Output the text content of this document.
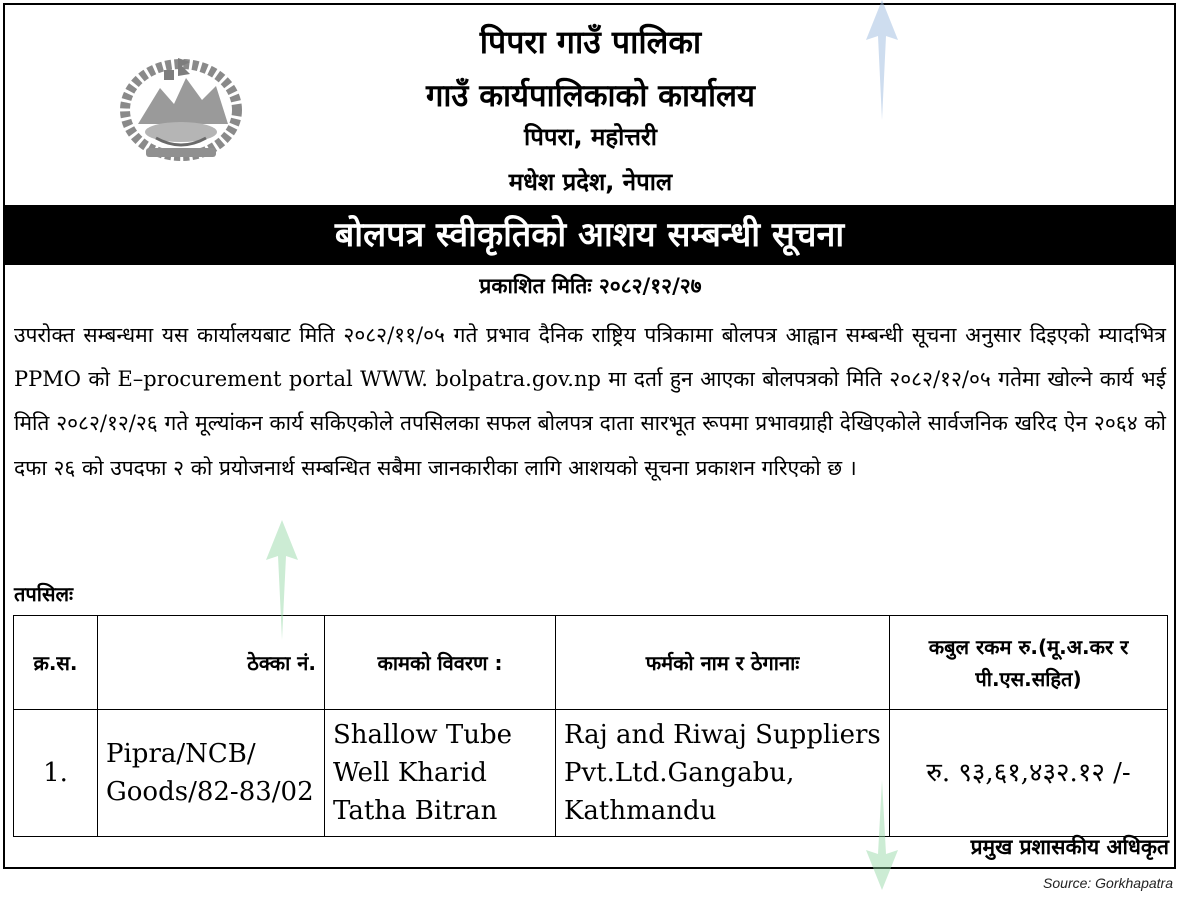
पिपरा गाउँ पालिका
गाउँ कार्यपालिकाको कार्यालय
पिपरा, महोत्तरी
मधेश प्रदेश, नेपाल
बोलपत्र स्वीकृतिको आशय सम्बन्धी सूचना
प्रकाशित मितिः २०८२/१२/२७
उपरोक्त सम्बन्धमा यस कार्यालयबाट मिति २०८२/११/०५ गते प्रभाव दैनिक राष्ट्रिय पत्रिकामा बोलपत्र आह्वान सम्बन्धी सूचना अनुसार दिइएको म्यादभित्र PPMO को E–procurement portal WWW. bolpatra.gov.np मा दर्ता हुन आएका बोलपत्रको मिति २०८२/१२/०५ गतेमा खोल्ने कार्य भई मिति २०८२/१२/२६ गते मूल्यांकन कार्य सकिएकोले तपसिलका सफल बोलपत्र दाता सारभूत रूपमा प्रभावग्राही देखिएकोले सार्वजनिक खरिद ऐन २०६४ को दफा २६ को उपदफा २ को प्रयोजनार्थ सम्बन्धित सबैमा जानकारीका लागि आशयको सूचना प्रकाशन गरिएको छ ।
तपसिलः
क्र.स.	ठेक्का नं.	कामको विवरण :	फर्मको नाम र ठेगानाः	कबुल रकम रु.(मू.अ.कर र पी.एस.सहित)
1.	Pipra/NCB/ Goods/82-83/02	Shallow Tube Well Kharid Tatha Bitran	Raj and Riwaj Suppliers Pvt.Ltd.Gangabu, Kathmandu	रु. ९३,६१,४३२.१२ /-
प्रमुख प्रशासकीय अधिकृत
Source: Gorkhapatra
